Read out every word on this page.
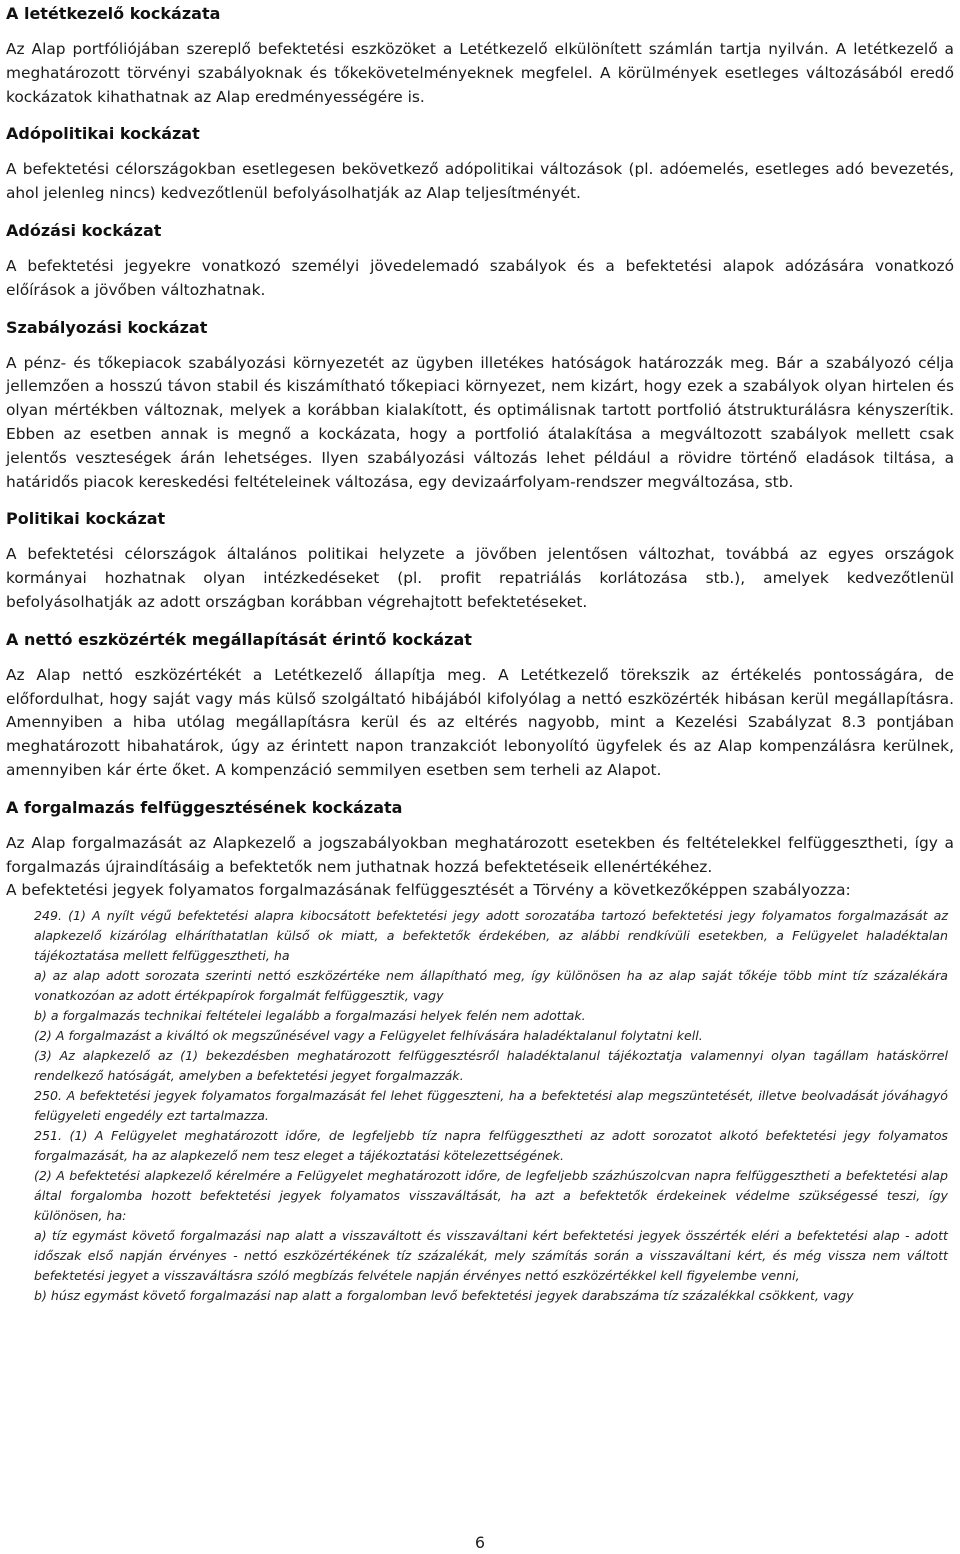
A letétkezelő kockázata

Az Alap portfóliójában szereplő befektetési eszközöket a Letétkezelő elkülönített számlán tartja nyilván. A letétkezelő a meghatározott törvényi szabályoknak és tőkekövetelményeknek megfelel. A körülmények esetleges változásából eredő kockázatok kihathatnak az Alap eredményességére is.

Adópolitikai kockázat

A befektetési célországokban esetlegesen bekövetkező adópolitikai változások (pl. adóemelés, esetleges adó bevezetés, ahol jelenleg nincs) kedvezőtlenül befolyásolhatják az Alap teljesítményét.

Adózási kockázat

A befektetési jegyekre vonatkozó személyi jövedelemadó szabályok és a befektetési alapok adózására vonatkozó előírások a jövőben változhatnak.

Szabályozási kockázat

A pénz- és tőkepiacok szabályozási környezetét az ügyben illetékes hatóságok határozzák meg. Bár a szabályozó célja jellemzően a hosszú távon stabil és kiszámítható tőkepiaci környezet, nem kizárt, hogy ezek a szabályok olyan hirtelen és olyan mértékben változnak, melyek a korábban kialakított, és optimálisnak tartott portfolió átstrukturálásra kényszerítik. Ebben az esetben annak is megnő a kockázata, hogy a portfolió átalakítása a megváltozott szabályok mellett csak jelentős veszteségek árán lehetséges. Ilyen szabályozási változás lehet például a rövidre történő eladások tiltása, a határidős piacok kereskedési feltételeinek változása, egy devizaárfolyam-rendszer megváltozása, stb.

Politikai kockázat

A befektetési célországok általános politikai helyzete a jövőben jelentősen változhat, továbbá az egyes országok kormányai hozhatnak olyan intézkedéseket (pl. profit repatriálás korlátozása stb.), amelyek kedvezőtlenül befolyásolhatják az adott országban korábban végrehajtott befektetéseket.

A nettó eszközérték megállapítását érintő kockázat

Az Alap nettó eszközértékét a Letétkezelő állapítja meg. A Letétkezelő törekszik az értékelés pontosságára, de előfordulhat, hogy saját vagy más külső szolgáltató hibájából kifolyólag a nettó eszközérték hibásan kerül megállapításra. Amennyiben a hiba utólag megállapításra kerül és az eltérés nagyobb, mint a Kezelési Szabályzat 8.3 pontjában meghatározott hibahatárok, úgy az érintett napon tranzakciót lebonyolító ügyfelek és az Alap kompenzálásra kerülnek, amennyiben kár érte őket. A kompenzáció semmilyen esetben sem terheli az Alapot.

A forgalmazás felfüggesztésének kockázata

Az Alap forgalmazását az Alapkezelő a jogszabályokban meghatározott esetekben és feltételekkel felfüggesztheti, így a forgalmazás újraindításáig a befektetők nem juthatnak hozzá befektetéseik ellenértékéhez.

A befektetési jegyek folyamatos forgalmazásának felfüggesztését a Törvény a következőképpen szabályozza:

249. (1) A nyílt végű befektetési alapra kibocsátott befektetési jegy adott sorozatába tartozó befektetési jegy folyamatos forgalmazását az alapkezelő kizárólag elháríthatatlan külső ok miatt, a befektetők érdekében, az alábbi rendkívüli esetekben, a Felügyelet haladéktalan tájékoztatása mellett felfüggesztheti, ha

a) az alap adott sorozata szerinti nettó eszközértéke nem állapítható meg, így különösen ha az alap saját tőkéje több mint tíz százalékára vonatkozóan az adott értékpapírok forgalmát felfüggesztik, vagy

b) a forgalmazás technikai feltételei legalább a forgalmazási helyek felén nem adottak.

(2) A forgalmazást a kiváltó ok megszűnésével vagy a Felügyelet felhívására haladéktalanul folytatni kell.

(3) Az alapkezelő az (1) bekezdésben meghatározott felfüggesztésről haladéktalanul tájékoztatja valamennyi olyan tagállam hatáskörrel rendelkező hatóságát, amelyben a befektetési jegyet forgalmazzák.

250. A befektetési jegyek folyamatos forgalmazását fel lehet függeszteni, ha a befektetési alap megszüntetését, illetve beolvadását jóváhagyó felügyeleti engedély ezt tartalmazza.

251. (1) A Felügyelet meghatározott időre, de legfeljebb tíz napra felfüggesztheti az adott sorozatot alkotó befektetési jegy folyamatos forgalmazását, ha az alapkezelő nem tesz eleget a tájékoztatási kötelezettségének.

(2) A befektetési alapkezelő kérelmére a Felügyelet meghatározott időre, de legfeljebb százhúszolcvan napra felfüggesztheti a befektetési alap által forgalomba hozott befektetési jegyek folyamatos visszaváltását, ha azt a befektetők érdekeinek védelme szükségessé teszi, így különösen, ha:

a) tíz egymást követő forgalmazási nap alatt a visszaváltott és visszaváltani kért befektetési jegyek összérték eléri a befektetési alap - adott időszak első napján érvényes - nettó eszközértékének tíz százalékát, mely számítás során a visszaváltani kért, és még vissza nem váltott befektetési jegyet a visszaváltásra szóló megbízás felvétele napján érvényes nettó eszközértékkel kell figyelembe venni,

b) húsz egymást követő forgalmazási nap alatt a forgalomban levő befektetési jegyek darabszáma tíz százalékkal csökkent, vagy

6
